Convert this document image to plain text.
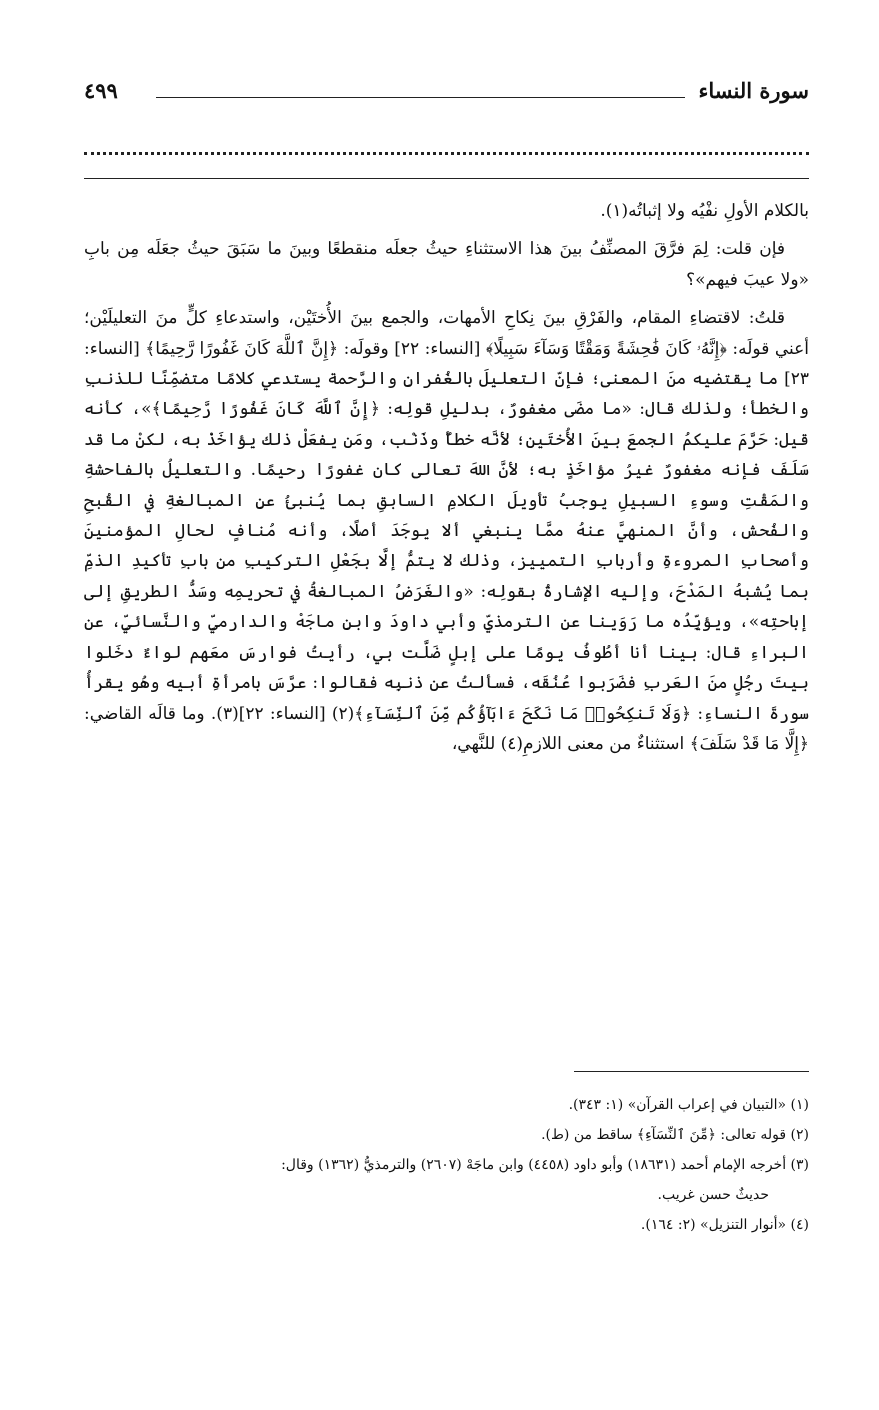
٤٩٩	سورة النساء

بالكلام الأولِ نفْيُه ولا إثباتُه(١).

فإن قلت: لِمَ فرَّقَ المصنِّفُ بينَ هذا الاستثناءِ حيثُ جعلَه منقطعًا وبينَ ما سَبَقَ حيثُ جعَلَه مِن بابِ «ولا عيبَ فيهم»؟

قلتُ: لاقتضاءِ المقام، والفَرْقِ بينَ نِكاحِ الأمهات، والجمع بينَ الأُختَيْن، واستدعاءِ كلٍّ منَ التعليلَيْن؛ أعني قولَه: ﴿إِنَّهُۥ كَانَ فَٰحِشَةً وَمَقْتًا وَسَآءَ سَبِيلًا﴾ [النساء: ٢٢] وقولَه: ﴿إِنَّ ٱللَّهَ كَانَ غَفُورًا رَّحِيمًا﴾ [النساء: ٢٣] ما يقتضيه منَ المعنى؛ فإنّ التعليلَ بالغُفرانِ والرَّحمة يستدعي كلامًا متضمِّنًا للذنبِ والخطأ؛ ولذلك قال: «ما مضَى مغفورٌ، بدليلِ قولِه: ﴿إِنَّ ٱللَّهَ كَانَ غَفُورًا رَّحِيمًا﴾»، كأنه قيل: حَرَّمَ عليكمُ الجمعَ بينَ الأُختَين؛ لأنَّه خطأٌ وذَنْب، ومَن يفعَلْ ذلك يؤاخَذْ به، لكنْ ما قد سَلَفَ فإنه مغفورٌ غيرُ مؤاخَذٍ به؛ لأنَّ اللهَ تعالى كان غفورًا رحيمًا. والتعليلُ بالفاحشةِ والمَقْتِ وسوءِ السبيلِ يوجبُ تأويلَ الكلامِ السابقِ بما يُنبئُ عنِ المبالغةِ في القُبحِ والفُحش، وأنَّ المنهيَّ عنهُ ممَّا ينبغي ألا يوجَدَ أصلًا، وأنه مُنافٍ لحالِ المؤمنينَ وأصحابِ المروءةِ وأربابِ التمييز، وذلك لا يتمُّ إلَّا بجَعْلِ التركيبِ من بابِ تأكيدِ الذمِّ بما يُشبهُ المَدْحَ، وإليه الإشارةُ بقولِه: «والغَرَضُ المبالغةُ في تحريمِه وسَدُّ الطريقِ إلى إباحتِه»، ويؤيِّدُه ما رَوَينا عن الترمذيِّ وأبي داودَ وابنِ ماجَهْ والدارميِّ والنَّسائيِّ، عن البراءِ قال: بينا أنا أطُوفُ يومًا على إبلٍ ضَلَّت بي، رأيتُ فوارسَ معَهم لواءٌ دخَلوا بيتَ رجُلٍ منَ العَربِ فضَرَبوا عُنُقَه، فسألتُ عن ذنبِه فقالوا: عرَّسَ بامرأةِ أبيه وهُو يقرأُ سورةَ النساءِ: ﴿وَلَا تَنكِحُوا۟ مَا نَكَحَ ءَابَآؤُكُم مِّنَ ٱلنِّسَآءِ﴾(٢) [النساء: ٢٢](٣). وما قالَه القاضي: ﴿إِلَّا مَا قَدْ سَلَفَ﴾ استثناءٌ من معنى اللازمِ(٤) للنَّهي،

(١) «التبيان في إعراب القرآن» (١: ٣٤٣).

(٢) قوله تعالى: ﴿مِّنَ ٱلنِّسَآءِ﴾ ساقط من (ط).

(٣) أخرجه الإمام أحمد (١٨٦٣١) وأبو داود (٤٤٥٨) وابن ماجَهْ (٢٦٠٧) والترمذيُّ (١٣٦٢) وقال:

حديثٌ حسن غريب.

(٤) «أنوار التنزيل» (٢: ١٦٤).
